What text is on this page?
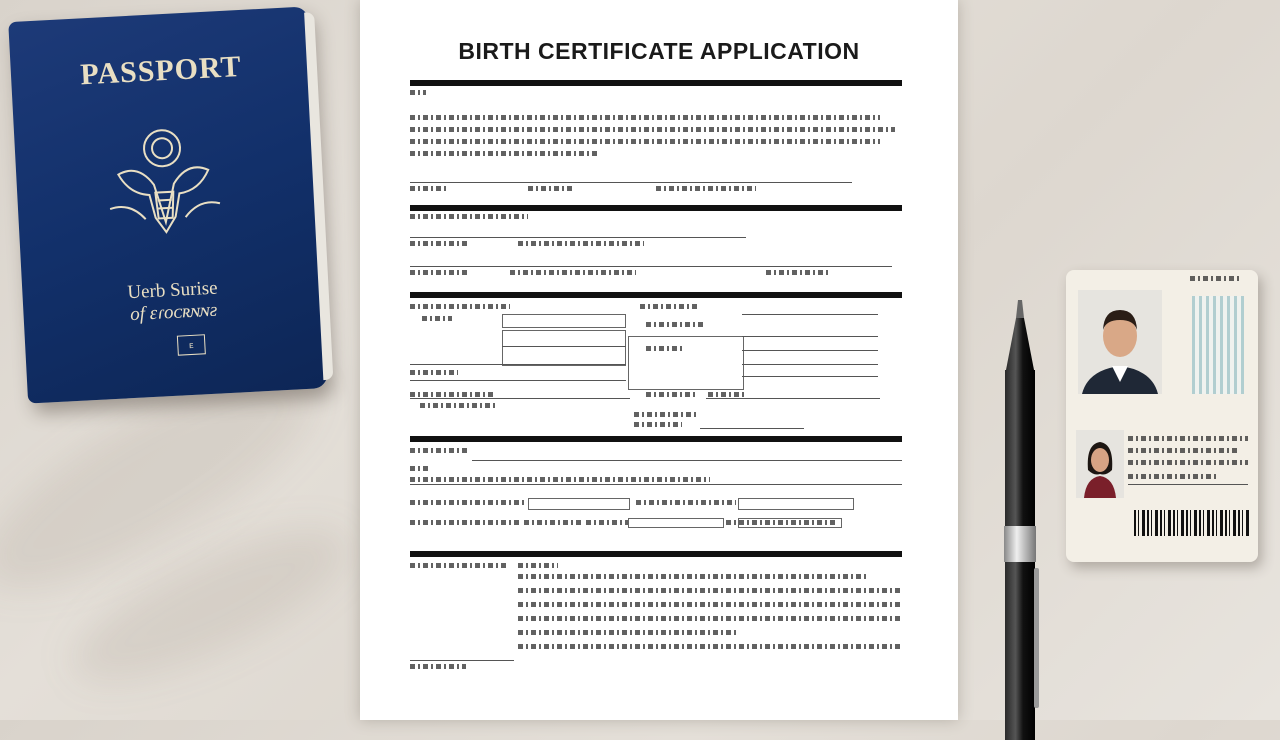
PASSPORT
Uerb Surise
of ɛɾᴏᴄʀɴɴƨ
ᴇ
BIRTH CERTIFICATE APPLICATION
